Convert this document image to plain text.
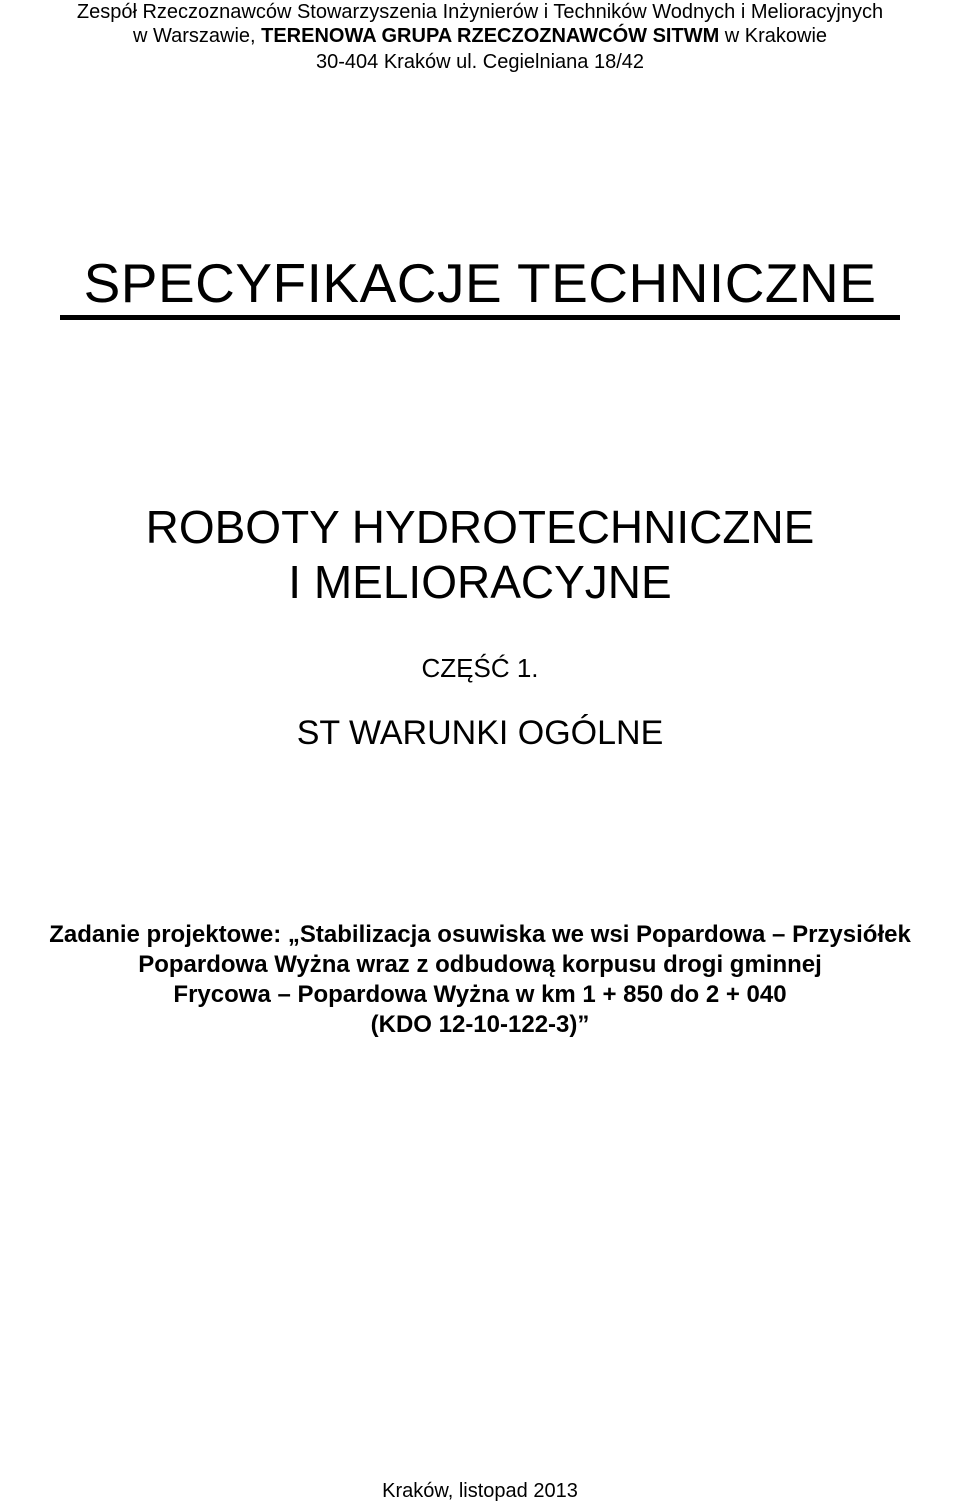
Zespół Rzeczoznawców Stowarzyszenia Inżynierów i Techników Wodnych i Melioracyjnych
w Warszawie, TERENOWA GRUPA RZECZOZNAWCÓW SITWM w Krakowie
30-404 Kraków ul. Cegielniana 18/42
SPECYFIKACJE TECHNICZNE
ROBOTY HYDROTECHNICZNE
I MELIORACYJNE
CZĘŚĆ 1.
ST WARUNKI OGÓLNE
Zadanie projektowe: „Stabilizacja osuwiska we wsi Popardowa – Przysiółek
Popardowa Wyżna wraz z odbudową korpusu drogi gminnej
Frycowa – Popardowa Wyżna w km 1 + 850 do 2 + 040
(KDO 12-10-122-3)”
Kraków, listopad 2013
